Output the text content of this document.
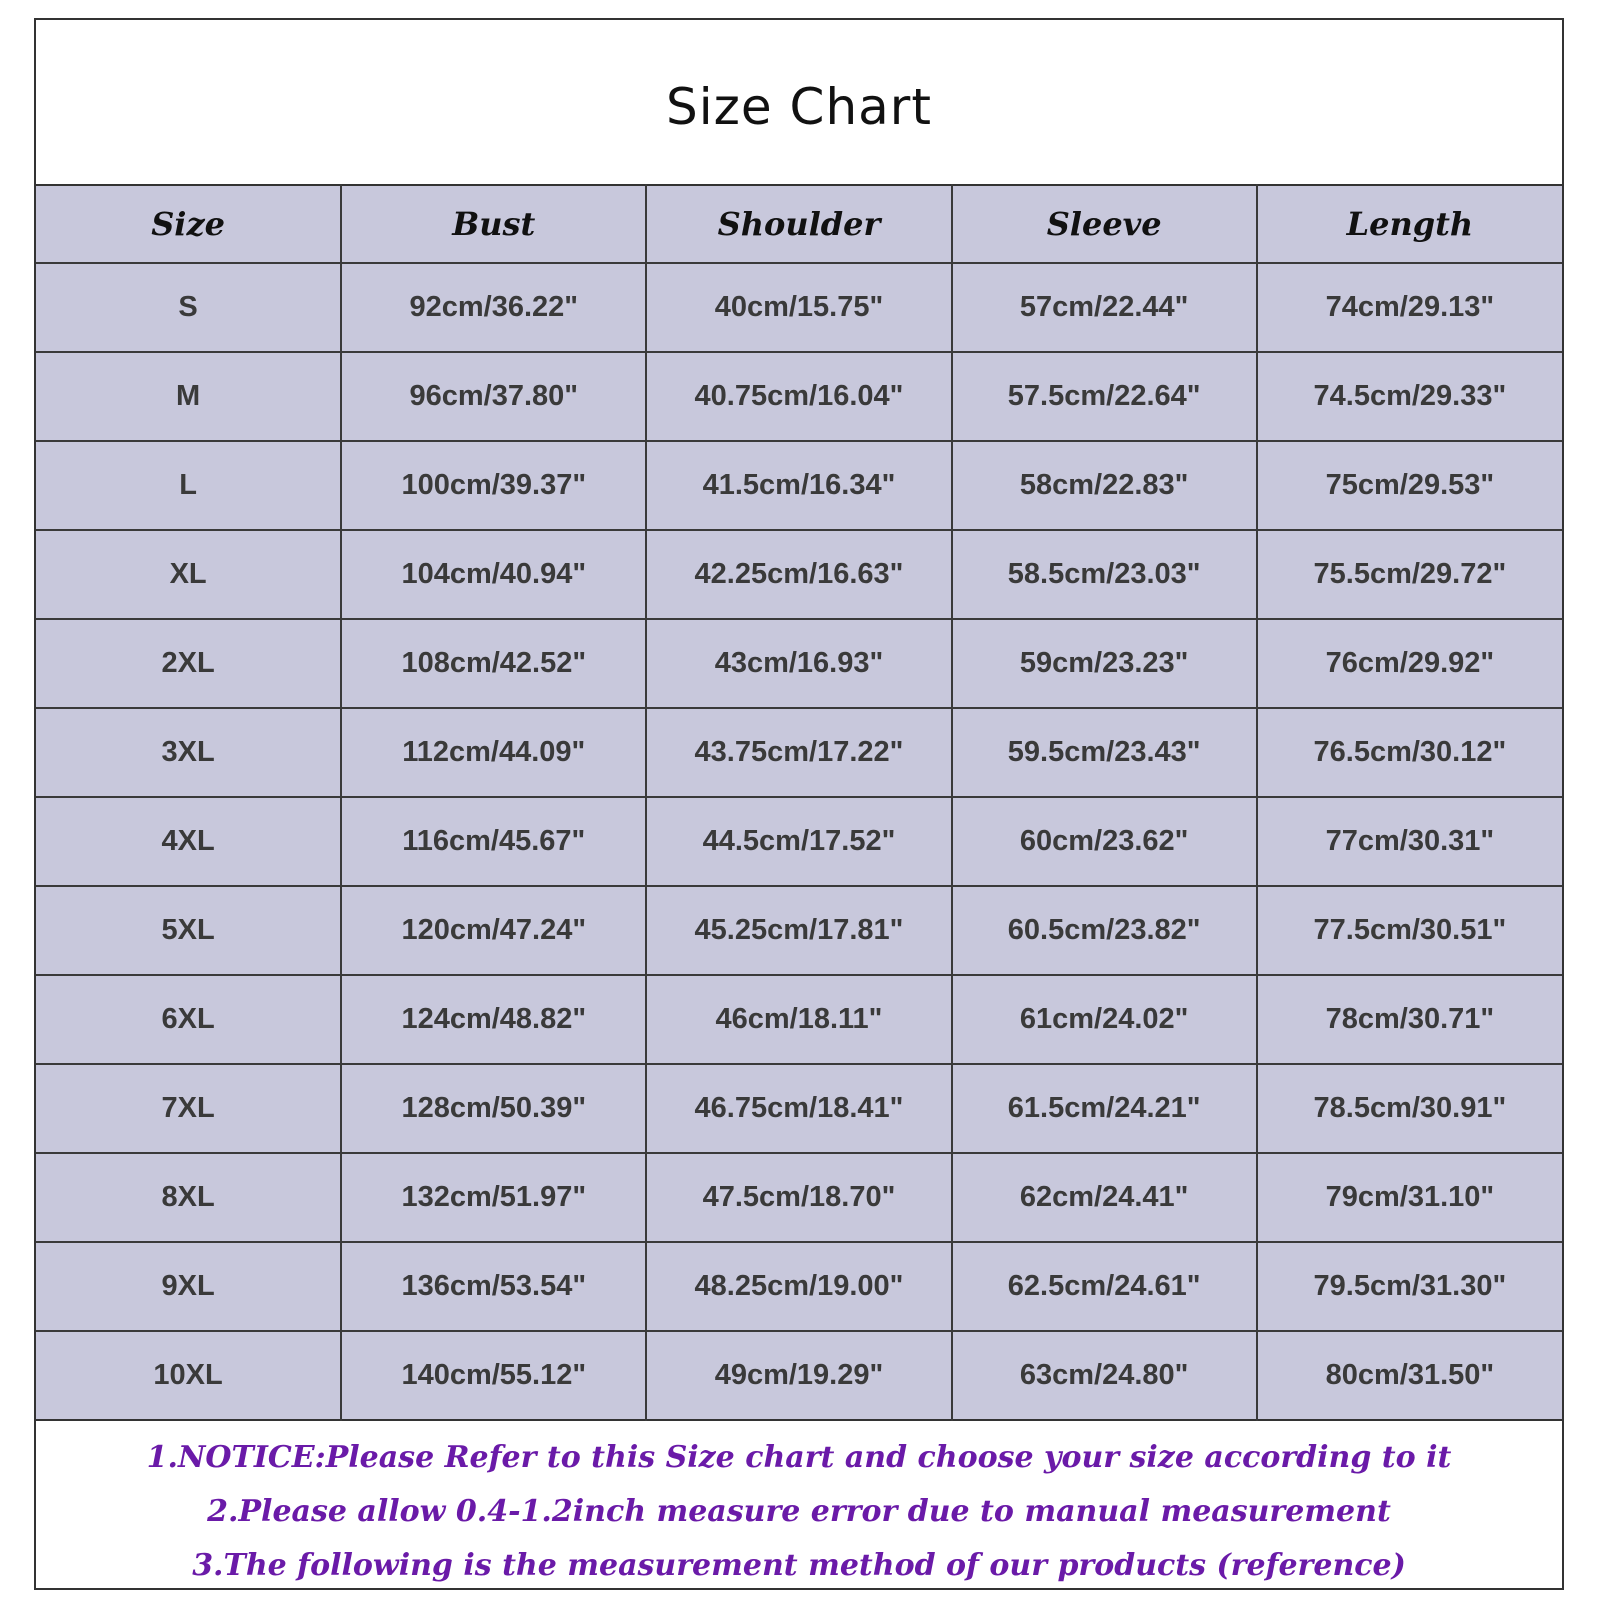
Size Chart
Size	Bust	Shoulder	Sleeve	Length
S	92cm/36.22"	40cm/15.75"	57cm/22.44"	74cm/29.13"
M	96cm/37.80"	40.75cm/16.04"	57.5cm/22.64"	74.5cm/29.33"
L	100cm/39.37"	41.5cm/16.34"	58cm/22.83"	75cm/29.53"
XL	104cm/40.94"	42.25cm/16.63"	58.5cm/23.03"	75.5cm/29.72"
2XL	108cm/42.52"	43cm/16.93"	59cm/23.23"	76cm/29.92"
3XL	112cm/44.09"	43.75cm/17.22"	59.5cm/23.43"	76.5cm/30.12"
4XL	116cm/45.67"	44.5cm/17.52"	60cm/23.62"	77cm/30.31"
5XL	120cm/47.24"	45.25cm/17.81"	60.5cm/23.82"	77.5cm/30.51"
6XL	124cm/48.82"	46cm/18.11"	61cm/24.02"	78cm/30.71"
7XL	128cm/50.39"	46.75cm/18.41"	61.5cm/24.21"	78.5cm/30.91"
8XL	132cm/51.97"	47.5cm/18.70"	62cm/24.41"	79cm/31.10"
9XL	136cm/53.54"	48.25cm/19.00"	62.5cm/24.61"	79.5cm/31.30"
10XL	140cm/55.12"	49cm/19.29"	63cm/24.80"	80cm/31.50"
1.NOTICE:Please Refer to this Size chart and choose your size according to it
2.Please allow 0.4-1.2inch measure error due to manual measurement
3.The following is the measurement method of our products (reference)
